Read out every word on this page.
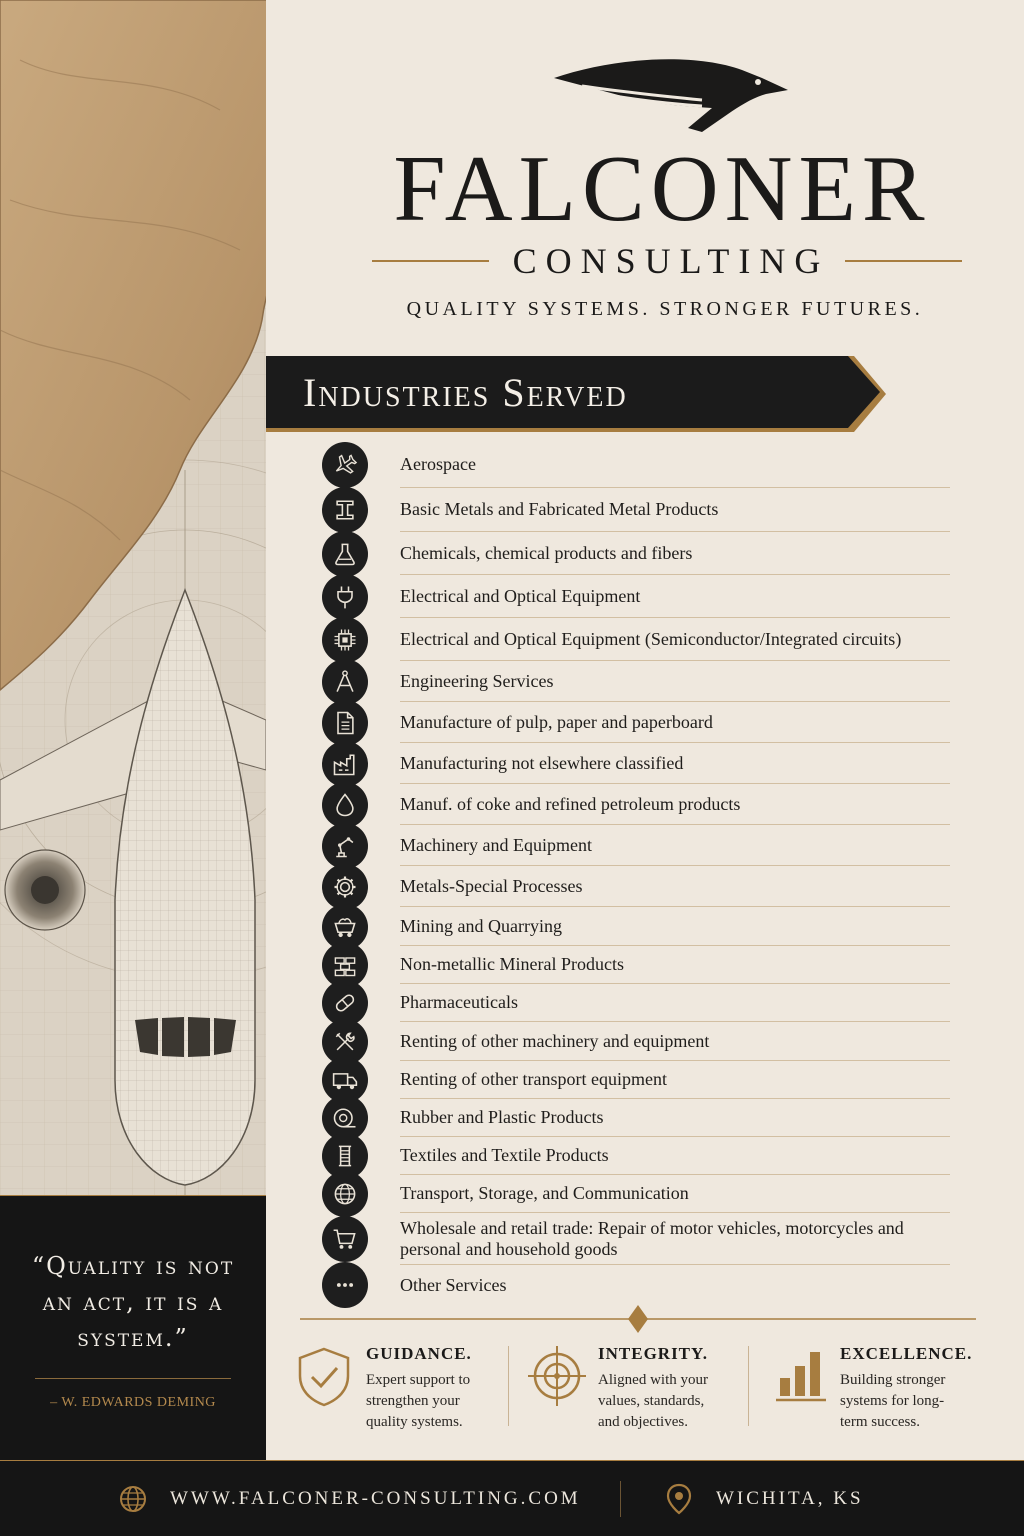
“Quality is not an act, it is a system.”
– W. EDWARDS DEMING
FALCONER
CONSULTING
QUALITY SYSTEMS. STRONGER FUTURES.
Industries Served
Aerospace
Basic Metals and Fabricated Metal Products
Chemicals, chemical products and fibers
Electrical and Optical Equipment
Electrical and Optical Equipment (Semiconductor/Integrated circuits)
Engineering Services
Manufacture of pulp, paper and paperboard
Manufacturing not elsewhere classified
Manuf. of coke and refined petroleum products
Machinery and Equipment
Metals-Special Processes
Mining and Quarrying
Non-metallic Mineral Products
Pharmaceuticals
Renting of other machinery and equipment
Renting of other transport equipment
Rubber and Plastic Products
Textiles and Textile Products
Transport, Storage, and Communication
Wholesale and retail trade: Repair of motor vehicles, motorcycles and personal and household goods
Other Services
GUIDANCE.
Expert support to strengthen your quality systems.
INTEGRITY.
Aligned with your values, standards, and objectives.
EXCELLENCE.
Building stronger systems for long-term success.
WWW.FALCONER-CONSULTING.COM	WICHITA, KS
